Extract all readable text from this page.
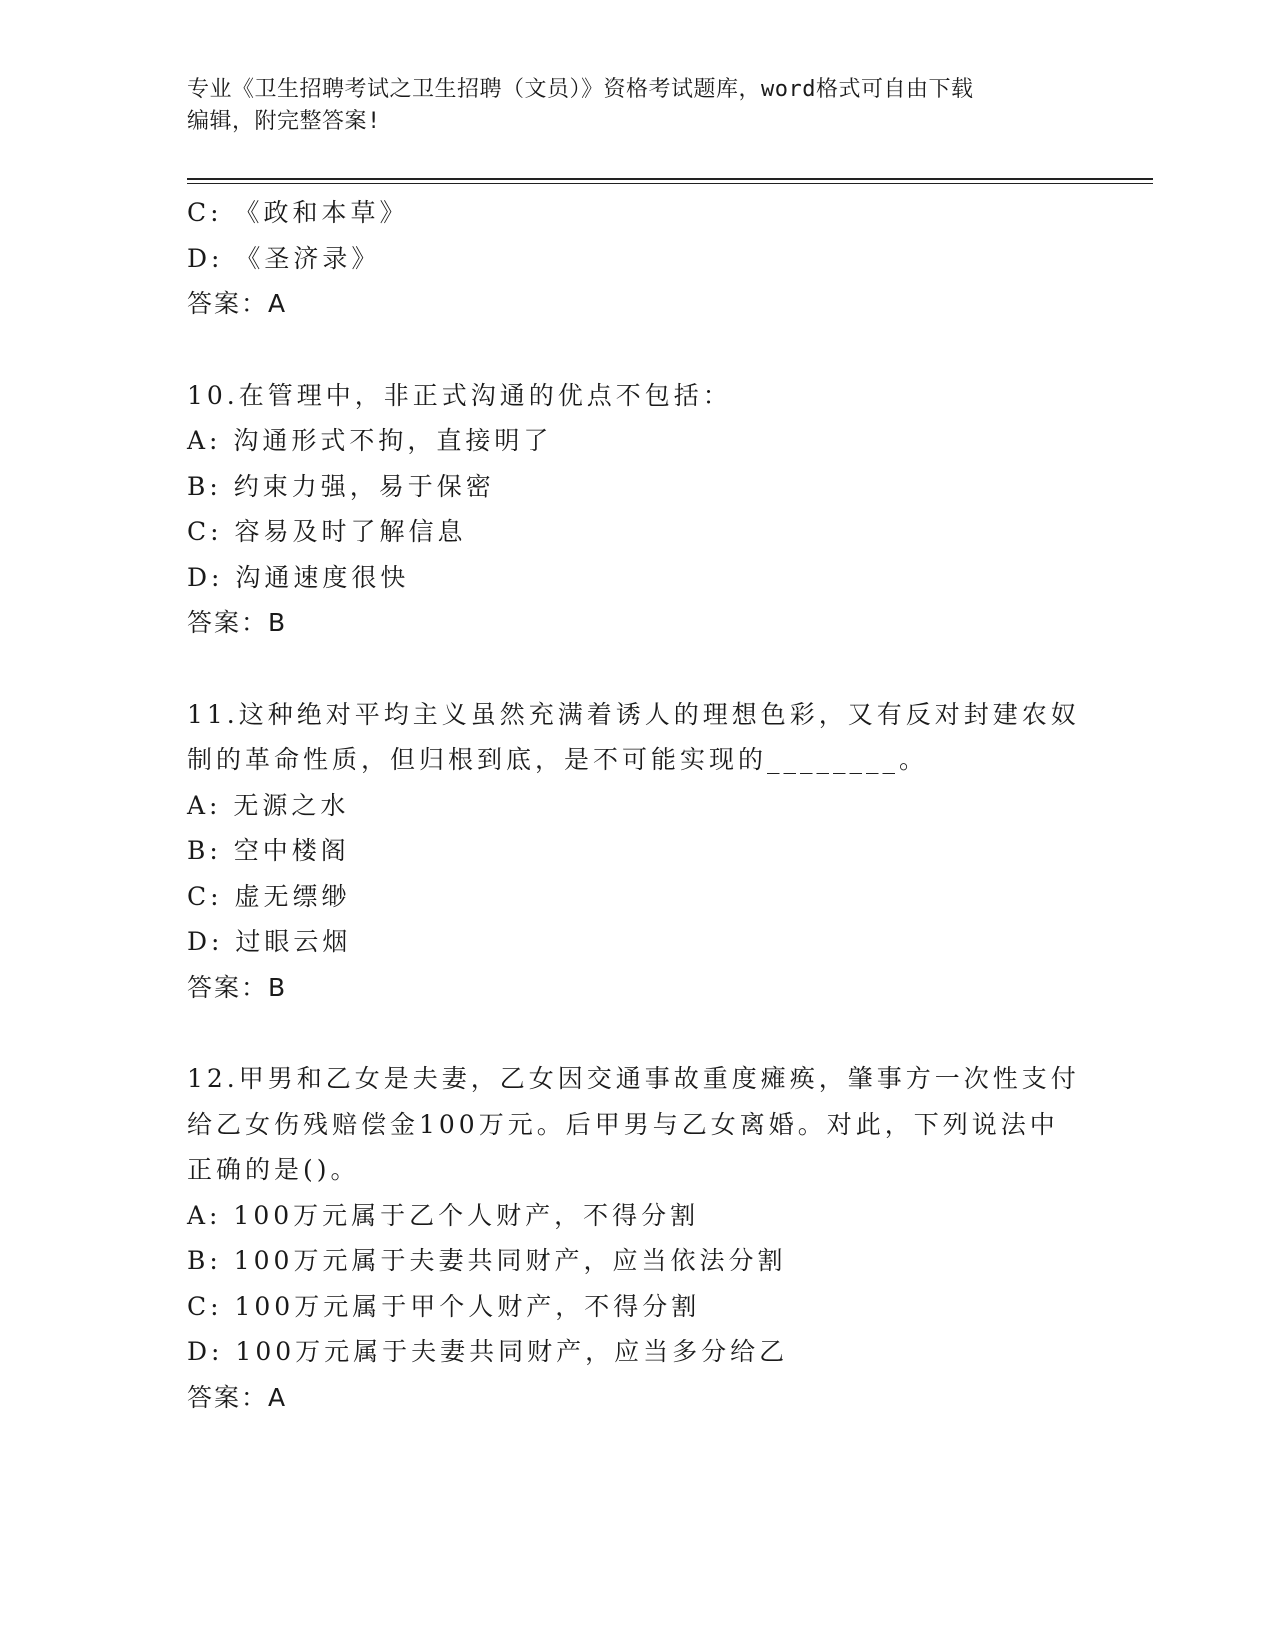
专业《卫生招聘考试之卫生招聘（文员）》资格考试题库，word格式可自由下载
编辑，附完整答案!
C: 《政和本草》
D: 《圣济录》
答案：A
10.在管理中，非正式沟通的优点不包括：
A: 沟通形式不拘，直接明了
B: 约束力强，易于保密
C: 容易及时了解信息
D: 沟通速度很快
答案：B
11.这种绝对平均主义虽然充满着诱人的理想色彩，又有反对封建农奴
制的革命性质，但归根到底，是不可能实现的________。
A: 无源之水
B: 空中楼阁
C: 虚无缥缈
D: 过眼云烟
答案：B
12.甲男和乙女是夫妻，乙女因交通事故重度瘫痪，肇事方一次性支付
给乙女伤残赔偿金100万元。后甲男与乙女离婚。对此，下列说法中
正确的是()。
A: 100万元属于乙个人财产，不得分割
B: 100万元属于夫妻共同财产，应当依法分割
C: 100万元属于甲个人财产，不得分割
D: 100万元属于夫妻共同财产，应当多分给乙
答案：A
